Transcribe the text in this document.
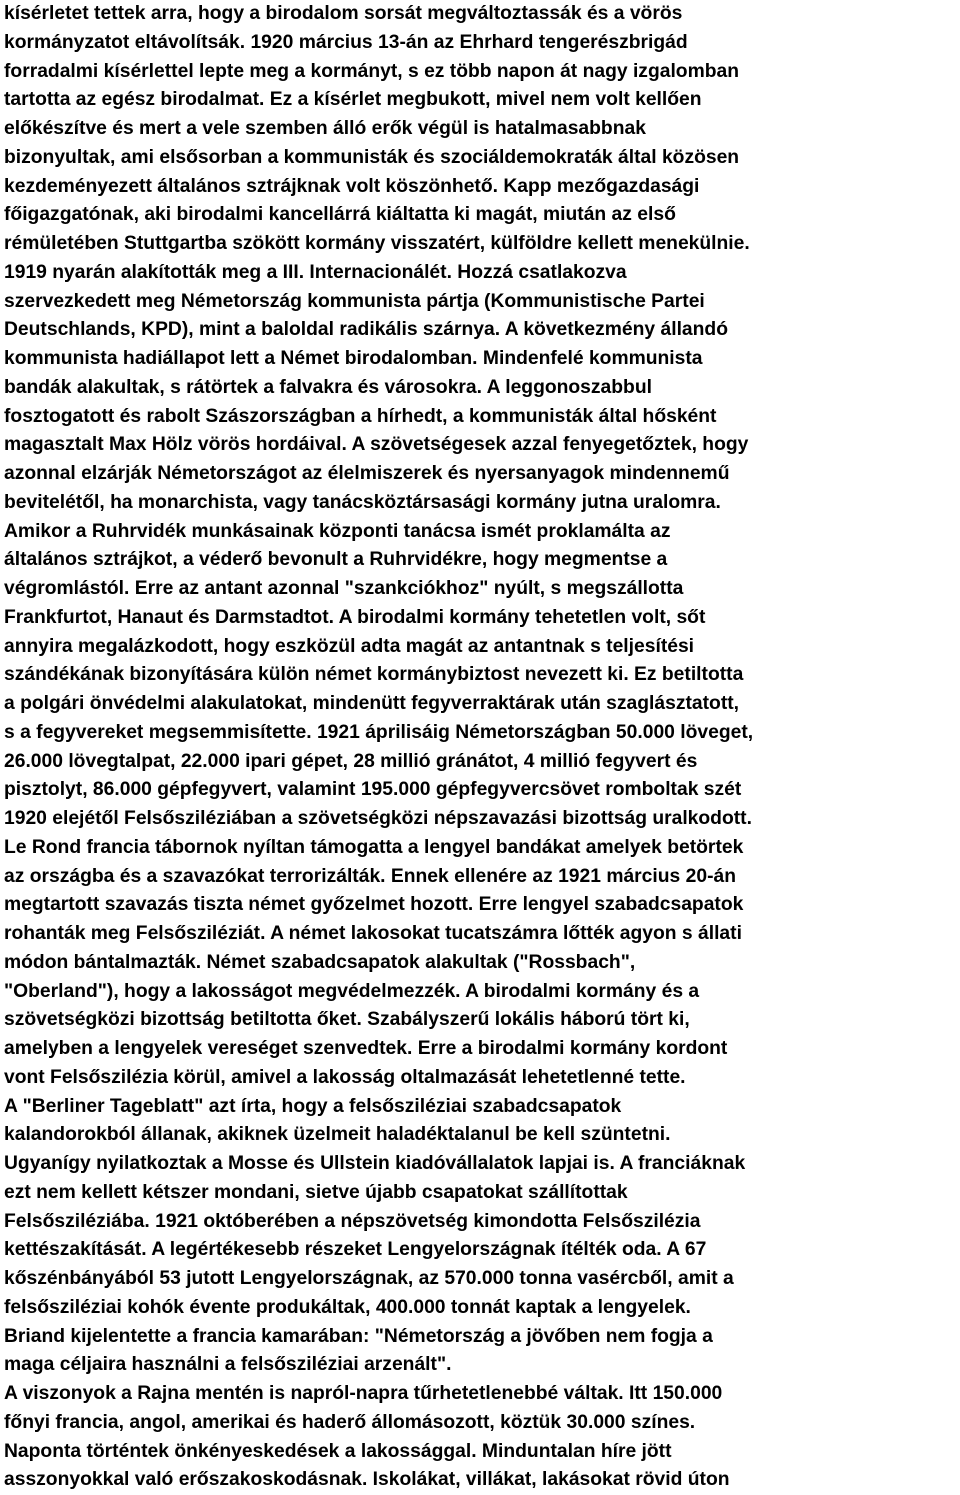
kísérletet tettek arra, hogy a birodalom sorsát megváltoztassák és a vörös
kormányzatot eltávolítsák. 1920 március 13-án az Ehrhard tengerészbrigád
forradalmi kísérlettel lepte meg a kormányt, s ez több napon át nagy izgalomban
tartotta az egész birodalmat. Ez a kísérlet megbukott, mivel nem volt kellően
előkészítve és mert a vele szemben álló erők végül is hatalmasabbnak
bizonyultak, ami elsősorban a kommunisták és szociáldemokraták által közösen
kezdeményezett általános sztrájknak volt köszönhető. Kapp mezőgazdasági
főigazgatónak, aki birodalmi kancellárrá kiáltatta ki magát, miután az első
rémületében Stuttgartba szökött kormány visszatért, külföldre kellett menekülnie.
1919 nyarán alakították meg a III. Internacionálét. Hozzá csatlakozva
szervezkedett meg Németország kommunista pártja (Kommunistische Partei
Deutschlands, KPD), mint a baloldal radikális szárnya. A következmény állandó
kommunista hadiállapot lett a Német birodalomban. Mindenfelé kommunista
bandák alakultak, s rátörtek a falvakra és városokra. A leggonoszabbul
fosztogatott és rabolt Szászországban a hírhedt, a kommunisták által hősként
magasztalt Max Hölz vörös hordáival. A szövetségesek azzal fenyegetőztek, hogy
azonnal elzárják Németországot az élelmiszerek és nyersanyagok mindennemű
bevitelétől, ha monarchista, vagy tanácsköztársasági kormány jutna uralomra.
Amikor a Ruhrvidék munkásainak központi tanácsa ismét proklamálta az
általános sztrájkot, a véderő bevonult a Ruhrvidékre, hogy megmentse a
végromlástól. Erre az antant azonnal "szankciókhoz" nyúlt, s megszállotta
Frankfurtot, Hanaut és Darmstadtot. A birodalmi kormány tehetetlen volt, sőt
annyira megalázkodott, hogy eszközül adta magát az antantnak s teljesítési
szándékának bizonyítására külön német kormánybiztost nevezett ki. Ez betiltotta
a polgári önvédelmi alakulatokat, mindenütt fegyverraktárak után szaglásztatott,
s a fegyvereket megsemmisítette. 1921 áprilisáig Németországban 50.000 löveget,
26.000 lövegtalpat, 22.000 ipari gépet, 28 millió gránátot, 4 millió fegyvert és
pisztolyt, 86.000 gépfegyvert, valamint 195.000 gépfegyvercsövet romboltak szét
1920 elejétől Felsősziléziában a szövetségközi népszavazási bizottság uralkodott.
Le Rond francia tábornok nyíltan támogatta a lengyel bandákat amelyek betörtek
az országba és a szavazókat terrorizálták. Ennek ellenére az 1921 március 20-án
megtartott szavazás tiszta német győzelmet hozott. Erre lengyel szabadcsapatok
rohanták meg Felsősziléziát. A német lakosokat tucatszámra lőtték agyon s állati
módon bántalmazták. Német szabadcsapatok alakultak ("Rossbach",
"Oberland"), hogy a lakosságot megvédelmezzék. A birodalmi kormány és a
szövetségközi bizottság betiltotta őket. Szabályszerű lokális háború tört ki,
amelyben a lengyelek vereséget szenvedtek. Erre a birodalmi kormány kordont
vont Felsőszilézia körül, amivel a lakosság oltalmazását lehetetlenné tette.
A "Berliner Tageblatt" azt írta, hogy a felsősziléziai szabadcsapatok
kalandorokból állanak, akiknek üzelmeit haladéktalanul be kell szüntetni.
Ugyanígy nyilatkoztak a Mosse és Ullstein kiadóvállalatok lapjai is. A franciáknak
ezt nem kellett kétszer mondani, sietve újabb csapatokat szállítottak
Felsősziléziába. 1921 októberében a népszövetség kimondotta Felsőszilézia
kettészakítását. A legértékesebb részeket Lengyelországnak ítélték oda. A 67
kőszénbányából 53 jutott Lengyelországnak, az 570.000 tonna vasércből, amit a
felsősziléziai kohók évente produkáltak, 400.000 tonnát kaptak a lengyelek.
Briand kijelentette a francia kamarában: "Németország a jövőben nem fogja a
maga céljaira használni a felsősziléziai arzenált".
A viszonyok a Rajna mentén is napról-napra tűrhetetlenebbé váltak. Itt 150.000
főnyi francia, angol, amerikai és haderő állomásozott, köztük 30.000 színes.
Naponta történtek önkényeskedések a lakossággal. Minduntalan híre jött
asszonyokkal való erőszakoskodásnak. Iskolákat, villákat, lakásokat rövid úton
